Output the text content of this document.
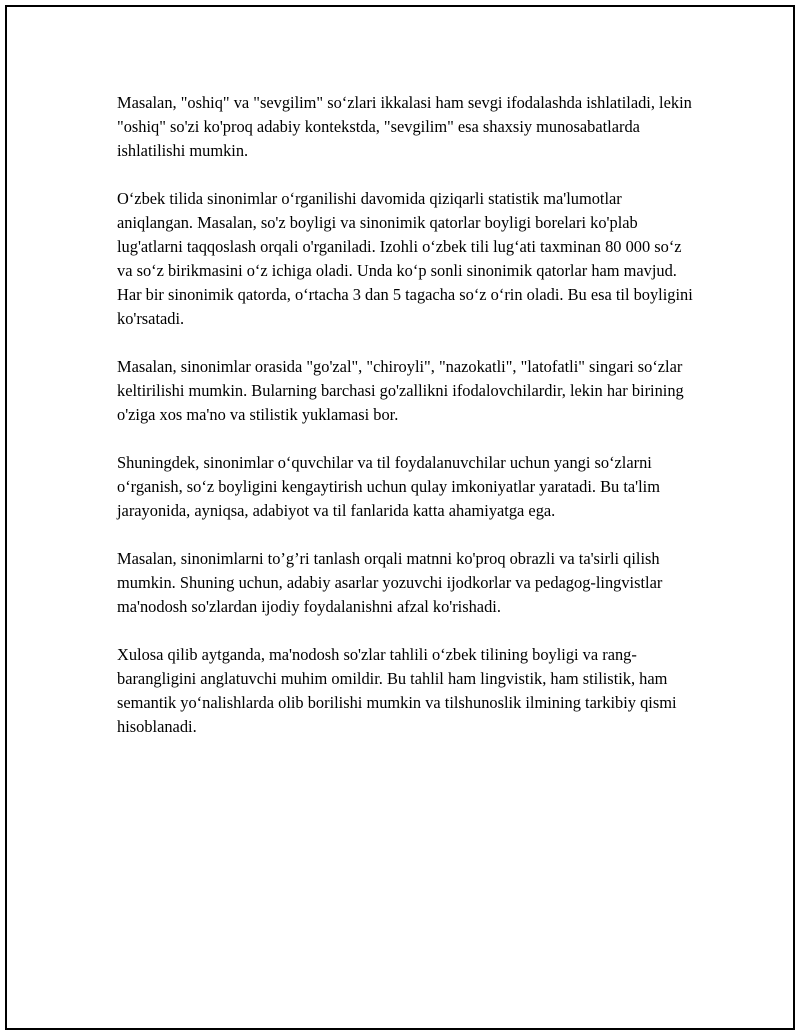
Masalan, "oshiq" va "sevgilim" so‘zlari ikkalasi ham sevgi ifodalashda ishlatiladi, lekin "oshiq" so'zi ko'proq adabiy kontekstda, "sevgilim" esa shaxsiy munosabatlarda ishlatilishi mumkin.

O‘zbek tilida sinonimlar o‘rganilishi davomida qiziqarli statistik ma'lumotlar aniqlangan. Masalan, so'z boyligi va sinonimik qatorlar boyligi borelari ko'plab lug'atlarni taqqoslash orqali o'rganiladi. Izohli o‘zbek tili lug‘ati taxminan 80 000 so‘z va so‘z birikmasini o‘z ichiga oladi. Unda ko‘p sonli sinonimik qatorlar ham mavjud. Har bir sinonimik qatorda, o‘rtacha 3 dan 5 tagacha so‘z o‘rin oladi. Bu esa til boyligini ko'rsatadi.

Masalan, sinonimlar orasida "go'zal", "chiroyli", "nazokatli", "latofatli" singari so‘zlar keltirilishi mumkin. Bularning barchasi go'zallikni ifodalovchilardir, lekin har birining o'ziga xos ma'no va stilistik yuklamasi bor.

Shuningdek, sinonimlar o‘quvchilar va til foydalanuvchilar uchun yangi so‘zlarni o‘rganish, so‘z boyligini kengaytirish uchun qulay imkoniyatlar yaratadi. Bu ta'lim jarayonida, ayniqsa, adabiyot va til fanlarida katta ahamiyatga ega.

Masalan, sinonimlarni to’g’ri tanlash orqali matnni ko'proq obrazli va ta'sirli qilish mumkin. Shuning uchun, adabiy asarlar yozuvchi ijodkorlar va pedagog-lingvistlar ma'nodosh so'zlardan ijodiy foydalanishni afzal ko'rishadi.

Xulosa qilib aytganda, ma'nodosh so'zlar tahlili o‘zbek tilining boyligi va rang-barangligini anglatuvchi muhim omildir. Bu tahlil ham lingvistik, ham stilistik, ham semantik yo‘nalishlarda olib borilishi mumkin va tilshunoslik ilmining tarkibiy qismi hisoblanadi.
